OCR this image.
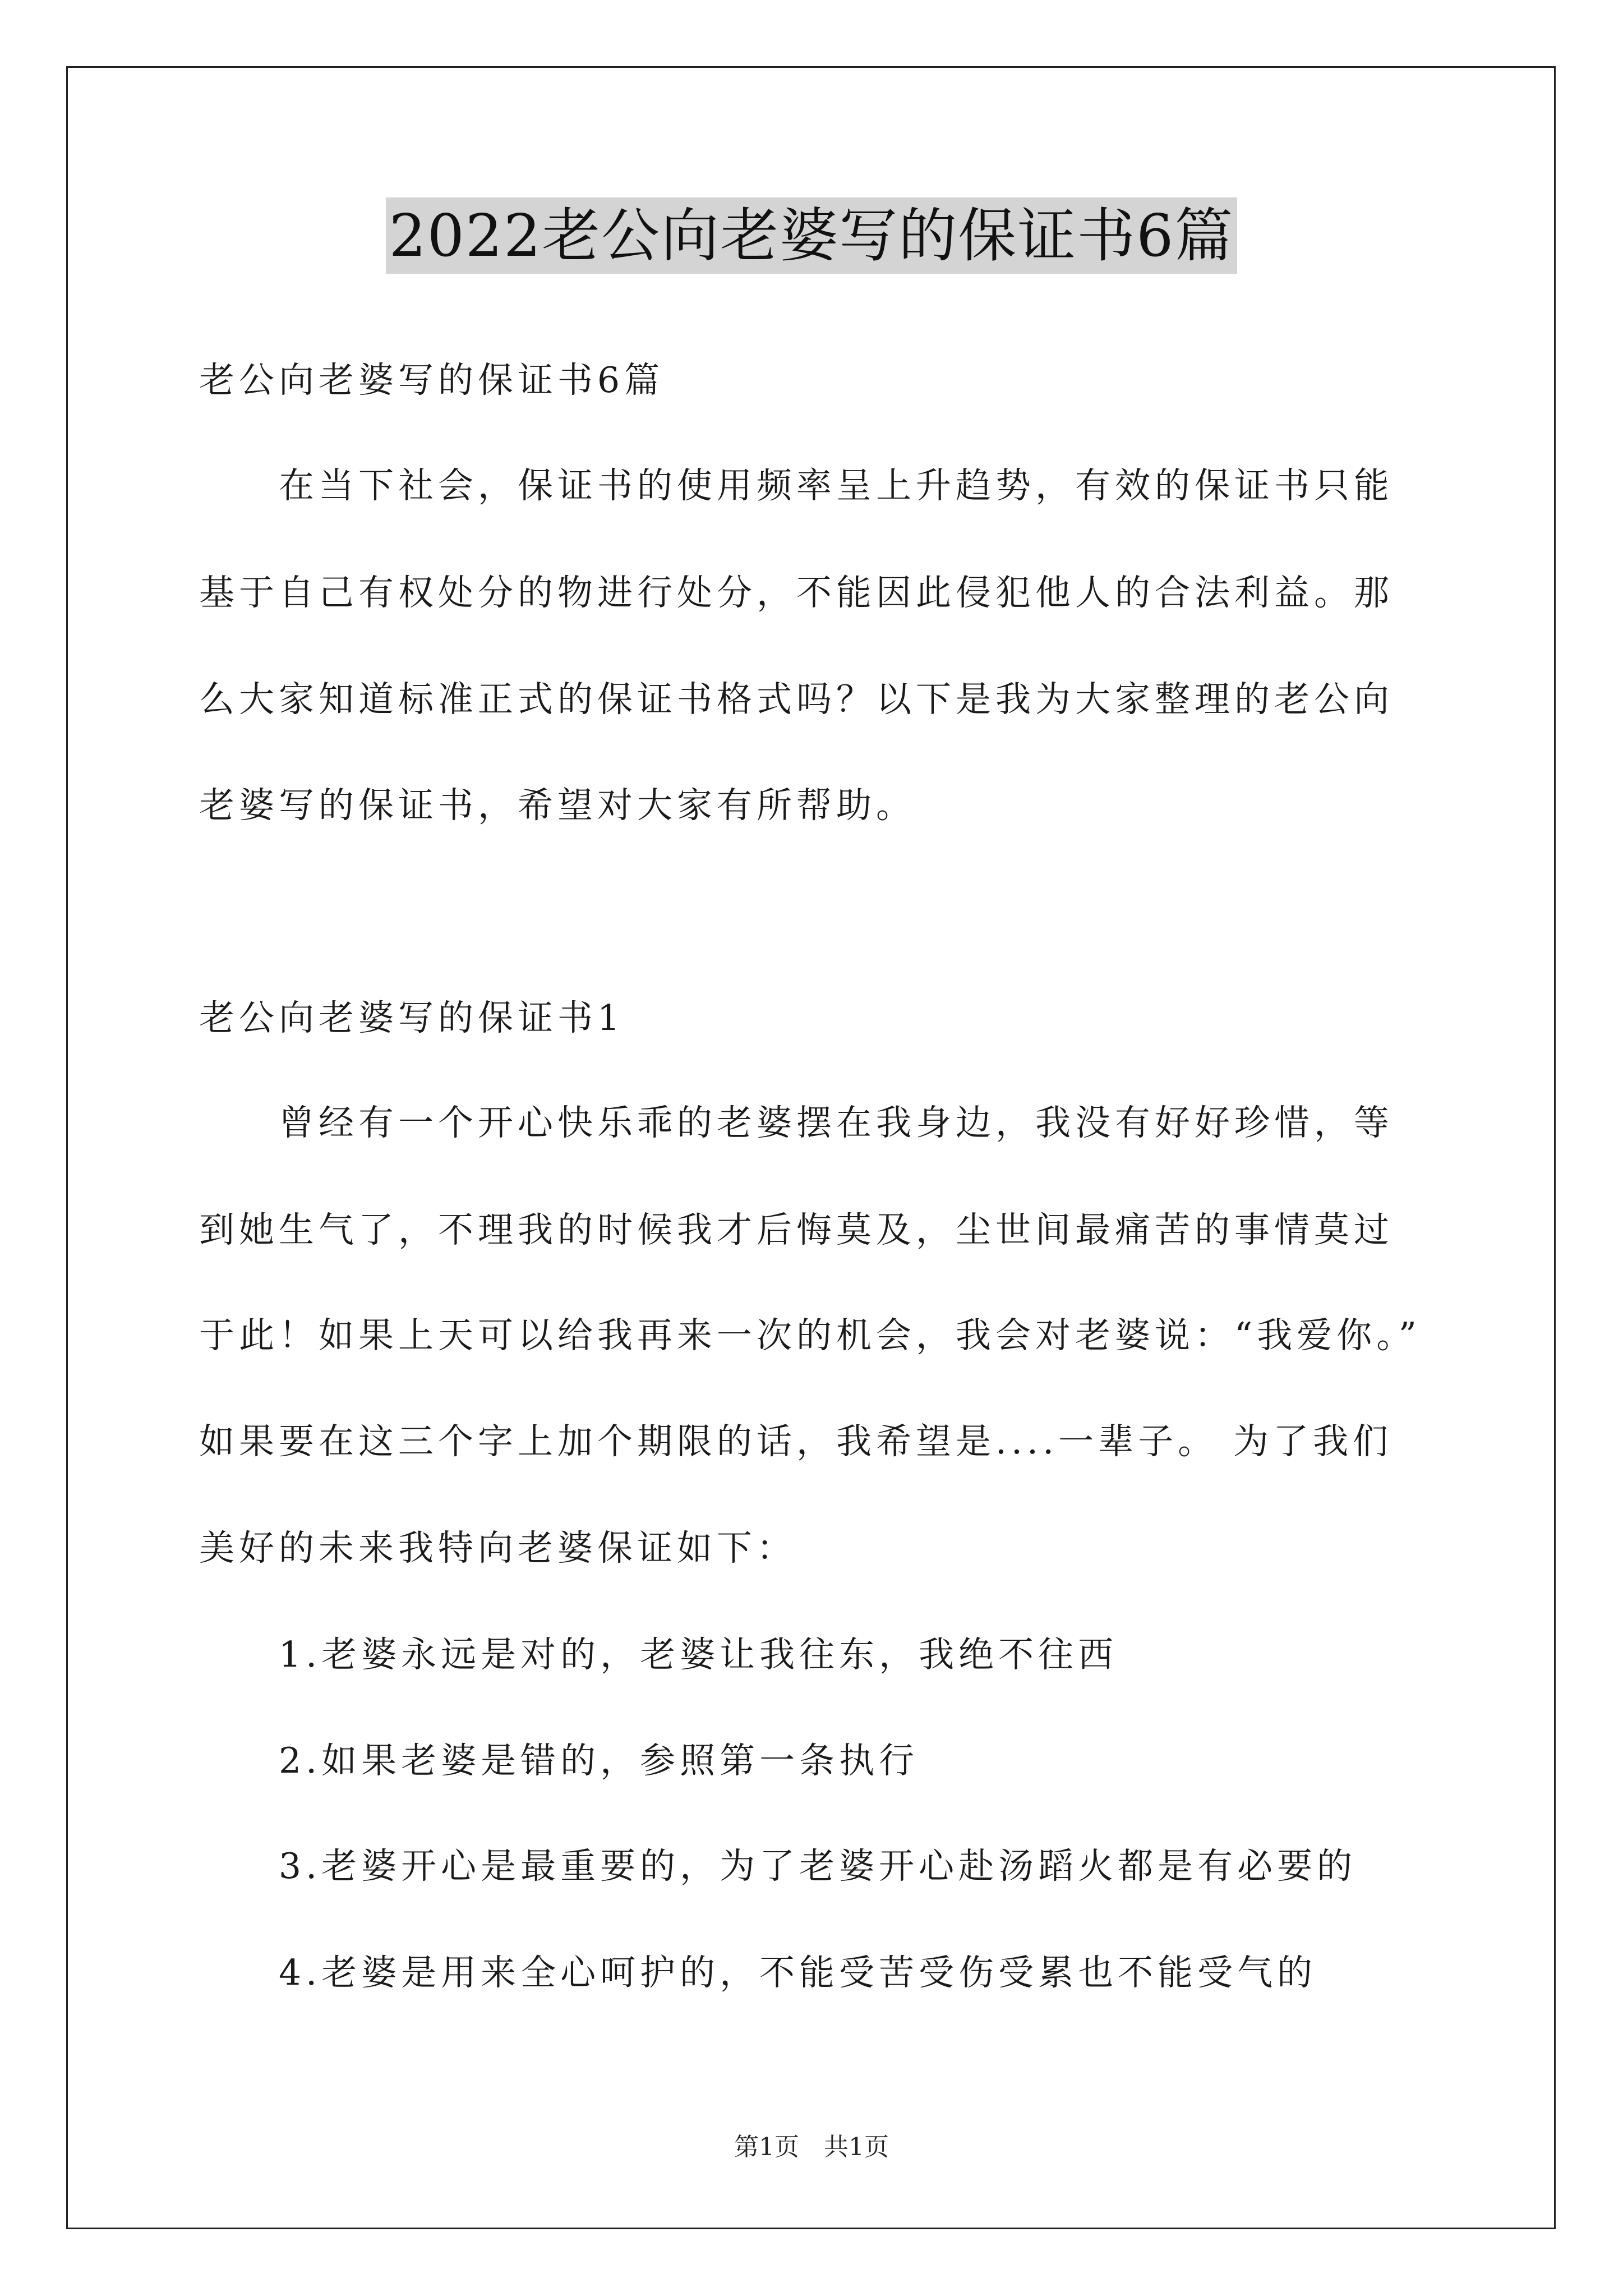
2022老公向老婆写的保证书6篇
老公向老婆写的保证书6篇
在当下社会，保证书的使用频率呈上升趋势，有效的保证书只能
基于自己有权处分的物进行处分，不能因此侵犯他人的合法利益。那
么大家知道标准正式的保证书格式吗？以下是我为大家整理的老公向
老婆写的保证书，希望对大家有所帮助。
老公向老婆写的保证书1
曾经有一个开心快乐乖的老婆摆在我身边，我没有好好珍惜，等
到她生气了，不理我的时候我才后悔莫及，尘世间最痛苦的事情莫过
于此！如果上天可以给我再来一次的机会，我会对老婆说：“我爱你。”
如果要在这三个字上加个期限的话，我希望是....一辈子。 为了我们
美好的未来我特向老婆保证如下：
1.老婆永远是对的，老婆让我往东，我绝不往西
2.如果老婆是错的，参照第一条执行
3.老婆开心是最重要的，为了老婆开心赴汤蹈火都是有必要的
4.老婆是用来全心呵护的，不能受苦受伤受累也不能受气的
第1页　共1页
